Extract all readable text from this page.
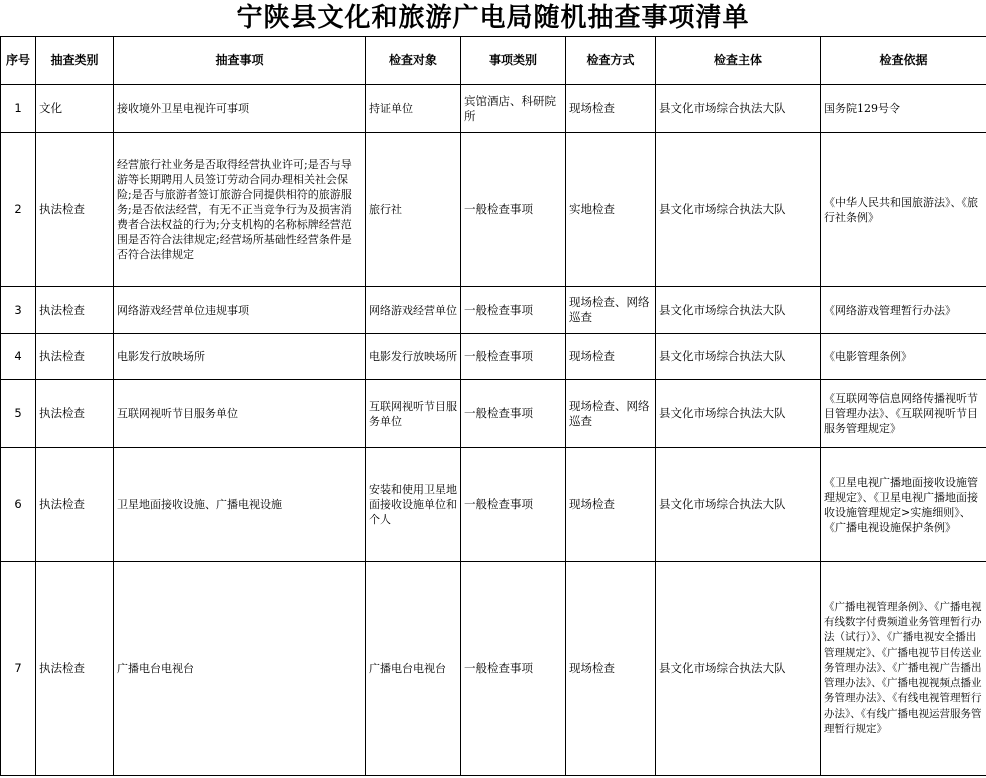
宁陕县文化和旅游广电局随机抽查事项清单
序号	抽查类别	抽查事项	检查对象	事项类别	检查方式	检查主体	检查依据
1	文化	接收境外卫星电视许可事项	持证单位	宾馆酒店、科研院所	现场检查	县文化市场综合执法大队	国务院129号令
2	执法检查	经营旅行社业务是否取得经营执业许可;是否与导游等长期聘用人员签订劳动合同办理相关社会保险;是否与旅游者签订旅游合同提供相符的旅游服务;是否依法经营，有无不正当竞争行为及损害消费者合法权益的行为;分支机构的名称标牌经营范围是否符合法律规定;经营场所基础性经营条件是否符合法律规定	旅行社	一般检查事项	实地检查	县文化市场综合执法大队	《中华人民共和国旅游法》、《旅行社条例》
3	执法检查	网络游戏经营单位违规事项	网络游戏经营单位	一般检查事项	现场检查、网络巡查	县文化市场综合执法大队	《网络游戏管理暂行办法》
4	执法检查	电影发行放映场所	电影发行放映场所	一般检查事项	现场检查	县文化市场综合执法大队	《电影管理条例》
5	执法检查	互联网视听节目服务单位	互联网视听节目服务单位	一般检查事项	现场检查、网络巡查	县文化市场综合执法大队	《互联网等信息网络传播视听节目管理办法》、《互联网视听节目服务管理规定》
6	执法检查	卫星地面接收设施、广播电视设施	安装和使用卫星地面接收设施单位和个人	一般检查事项	现场检查	县文化市场综合执法大队	《卫星电视广播地面接收设施管理规定》、《卫星电视广播地面接收设施管理规定>实施细则》、《广播电视设施保护条例》
7	执法检查	广播电台电视台	广播电台电视台	一般检查事项	现场检查	县文化市场综合执法大队	《广播电视管理条例》、《广播电视有线数字付费频道业务管理暂行办法（试行）》、《广播电视安全播出管理规定》、《广播电视节目传送业务管理办法》、《广播电视广告播出管理办法》、《广播电视视频点播业务管理办法》、《有线电视管理暂行办法》、《有线广播电视运营服务管理暂行规定》
